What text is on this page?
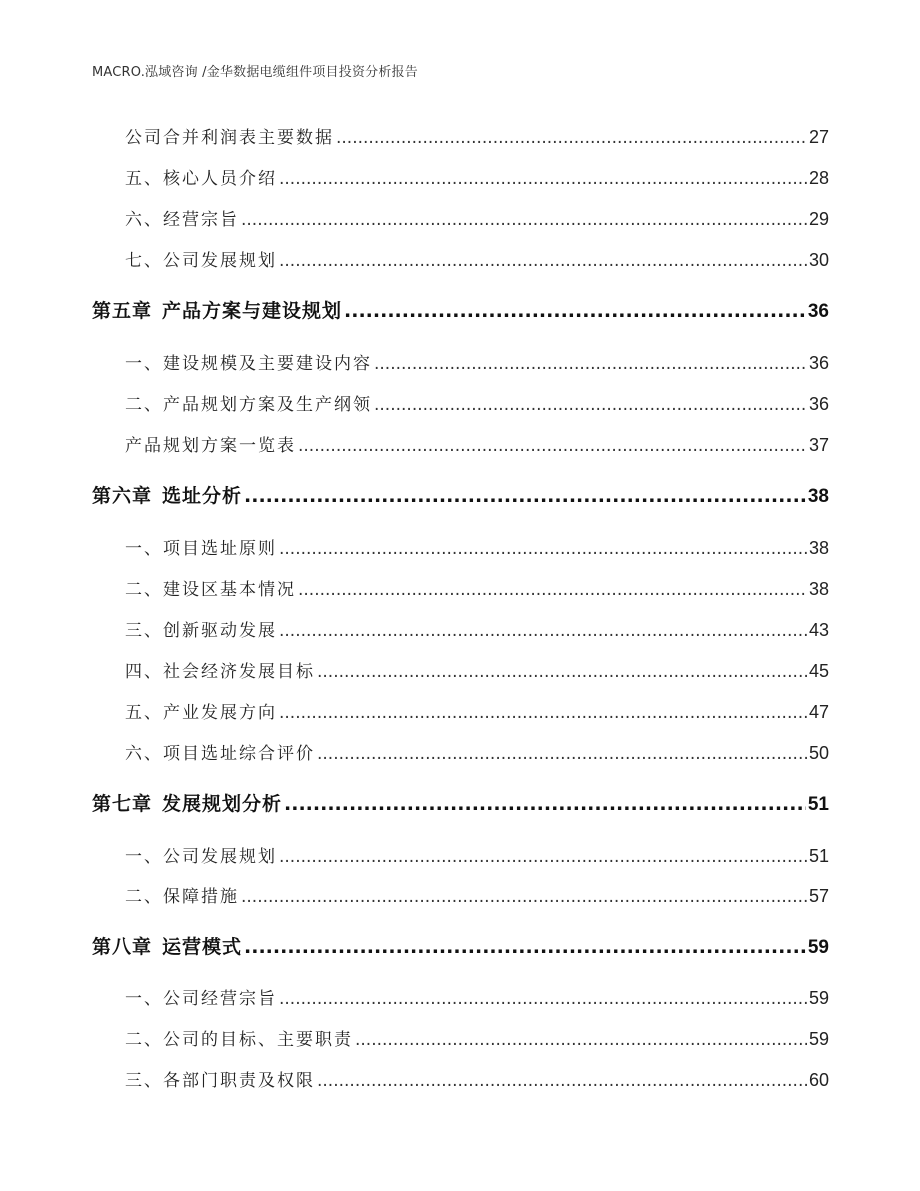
MACRO.泓域咨询 /金华数据电缆组件项目投资分析报告
公司合并利润表主要数据 .....	27
五、 核心人员介绍 .....	28
六、 经营宗旨 .....	29
七、 公司发展规划 .....	30
第五章 产品方案与建设规划 .....	36
一、 建设规模及主要建设内容 .....	36
二、 产品规划方案及生产纲领 .....	36
产品规划方案一览表 .....	37
第六章 选址分析 .....	38
一、 项目选址原则 .....	38
二、 建设区基本情况 .....	38
三、 创新驱动发展 .....	43
四、 社会经济发展目标 .....	45
五、 产业发展方向 .....	47
六、 项目选址综合评价 .....	50
第七章 发展规划分析 .....	51
一、 公司发展规划 .....	51
二、 保障措施 .....	57
第八章 运营模式 .....	59
一、 公司经营宗旨 .....	59
二、 公司的目标、主要职责 .....	59
三、 各部门职责及权限 .....	60
